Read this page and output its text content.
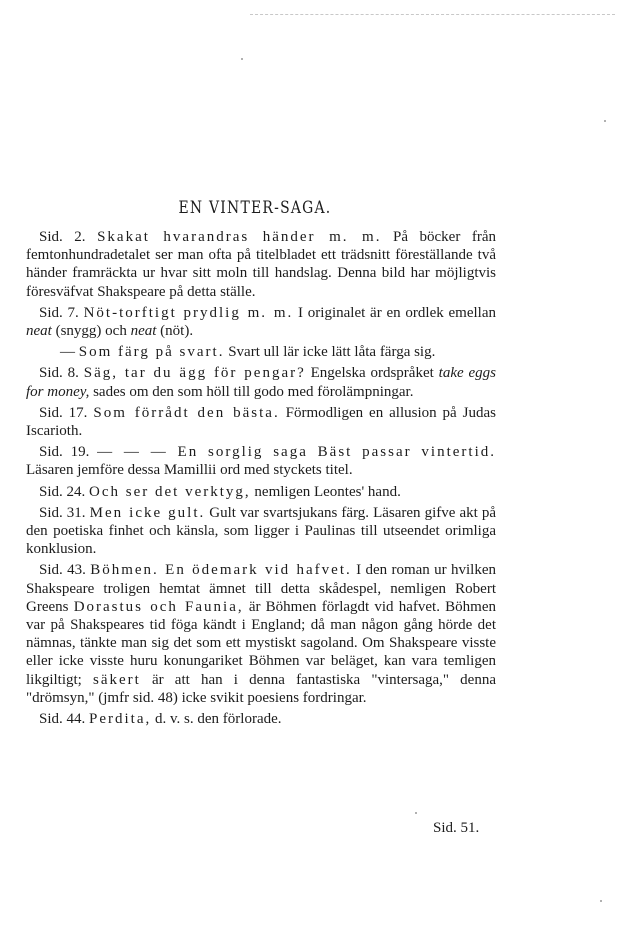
EN VINTER-SAGA.

Sid. 2. Skakat hvarandras händer m. m. På böcker från femtonhundradetalet ser man ofta på titelbladet ett trädsnitt föreställande två händer framräckta ur hvar sitt moln till handslag. Denna bild har möjligtvis föresväfvat Shakspeare på detta ställe.

Sid. 7. Nöt-torftigt prydlig m. m. I originalet är en ordlek emellan neat (snygg) och neat (nöt).

— Som färg på svart. Svart ull lär icke lätt låta färga sig.

Sid. 8. Säg, tar du ägg för pengar? Engelska ordspråket take eggs for money, sades om den som höll till godo med förolämpningar.

Sid. 17. Som förrådt den bästa. Förmodligen en allusion på Judas Iscarioth.

Sid. 19. — — — En sorglig saga Bäst passar vintertid. Läsaren jemföre dessa Mamillii ord med styckets titel.

Sid. 24. Och ser det verktyg, nemligen Leontes' hand.

Sid. 31. Men icke gult. Gult var svartsjukans färg. Läsaren gifve akt på den poetiska finhet och känsla, som ligger i Paulinas till utseendet orimliga konklusion.

Sid. 43. Böhmen. En ödemark vid hafvet. I den roman ur hvilken Shakspeare troligen hemtat ämnet till detta skådespel, nemligen Robert Greens Dorastus och Faunia, är Böhmen förlagdt vid hafvet. Böhmen var på Shakspeares tid föga kändt i England; då man någon gång hörde det nämnas, tänkte man sig det som ett mystiskt sagoland. Om Shakspeare visste eller icke visste huru konungariket Böhmen var beläget, kan vara temligen likgiltigt; säkert är att han i denna fantastiska "vintersaga," denna "drömsyn," (jmfr sid. 48) icke svikit poesiens fordringar.

Sid. 44. Perdita, d. v. s. den förlorade.

Sid. 51.
